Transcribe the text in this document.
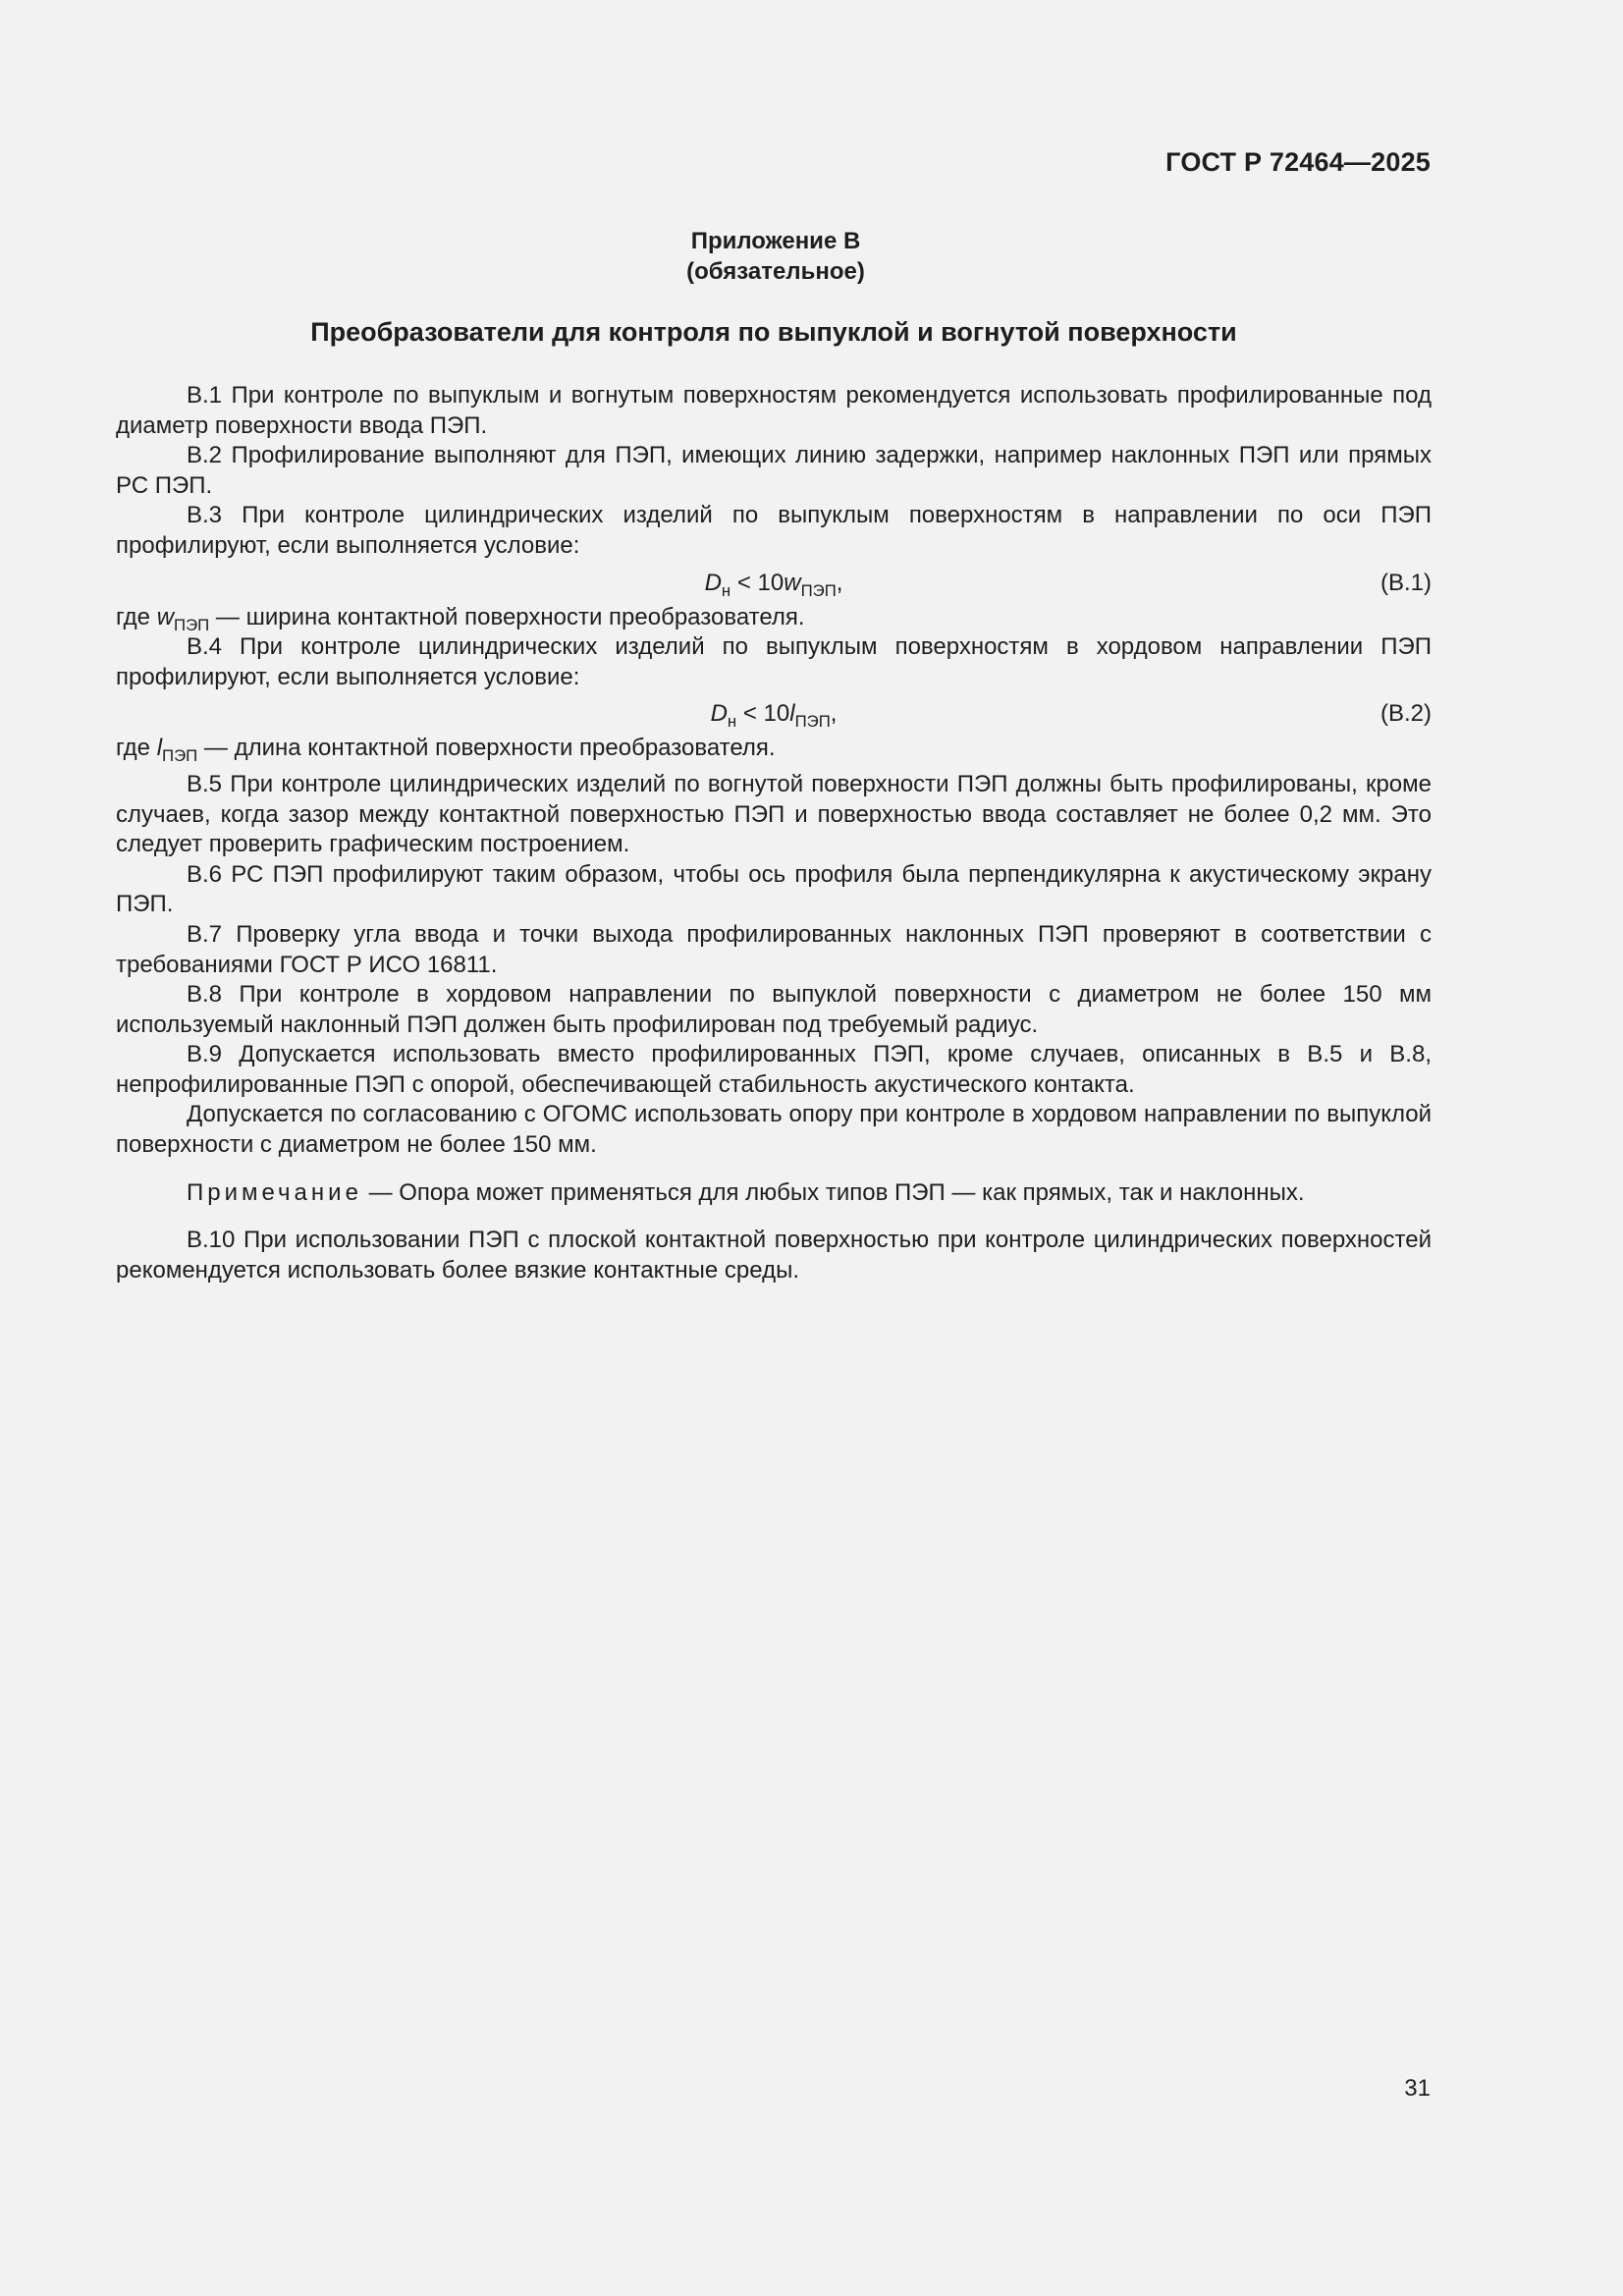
ГОСТ Р 72464—2025
Приложение В
(обязательное)
Преобразователи для контроля по выпуклой и вогнутой поверхности

В.1 При контроле по выпуклым и вогнутым поверхностям рекомендуется использовать профилированные под диаметр поверхности ввода ПЭП.

В.2 Профилирование выполняют для ПЭП, имеющих линию задержки, например наклонных ПЭП или прямых РС ПЭП.

В.3 При контроле цилиндрических изделий по выпуклым поверхностям в направлении по оси ПЭП профилируют, если выполняется условие:

$D_н < 10w_{ПЭП}$,	(В.1)

где $w_{ПЭП}$ — ширина контактной поверхности преобразователя.

В.4 При контроле цилиндрических изделий по выпуклым поверхностям в хордовом направлении ПЭП профилируют, если выполняется условие:

$D_н < 10l_{ПЭП}$,	(В.2)

где $l_{ПЭП}$ — длина контактной поверхности преобразователя.

В.5 При контроле цилиндрических изделий по вогнутой поверхности ПЭП должны быть профилированы, кроме случаев, когда зазор между контактной поверхностью ПЭП и поверхностью ввода составляет не более 0,2 мм. Это следует проверить графическим построением.

В.6 РС ПЭП профилируют таким образом, чтобы ось профиля была перпендикулярна к акустическому экрану ПЭП.

В.7 Проверку угла ввода и точки выхода профилированных наклонных ПЭП проверяют в соответствии с требованиями ГОСТ Р ИСО 16811.

В.8 При контроле в хордовом направлении по выпуклой поверхности с диаметром не более 150 мм используемый наклонный ПЭП должен быть профилирован под требуемый радиус.

В.9 Допускается использовать вместо профилированных ПЭП, кроме случаев, описанных в В.5 и В.8, непрофилированные ПЭП с опорой, обеспечивающей стабильность акустического контакта.

Допускается по согласованию с ОГОМС использовать опору при контроле в хордовом направлении по выпуклой поверхности с диаметром не более 150 мм.

Примечание — Опора может применяться для любых типов ПЭП — как прямых, так и наклонных.

В.10 При использовании ПЭП с плоской контактной поверхностью при контроле цилиндрических поверхностей рекомендуется использовать более вязкие контактные среды.

31
